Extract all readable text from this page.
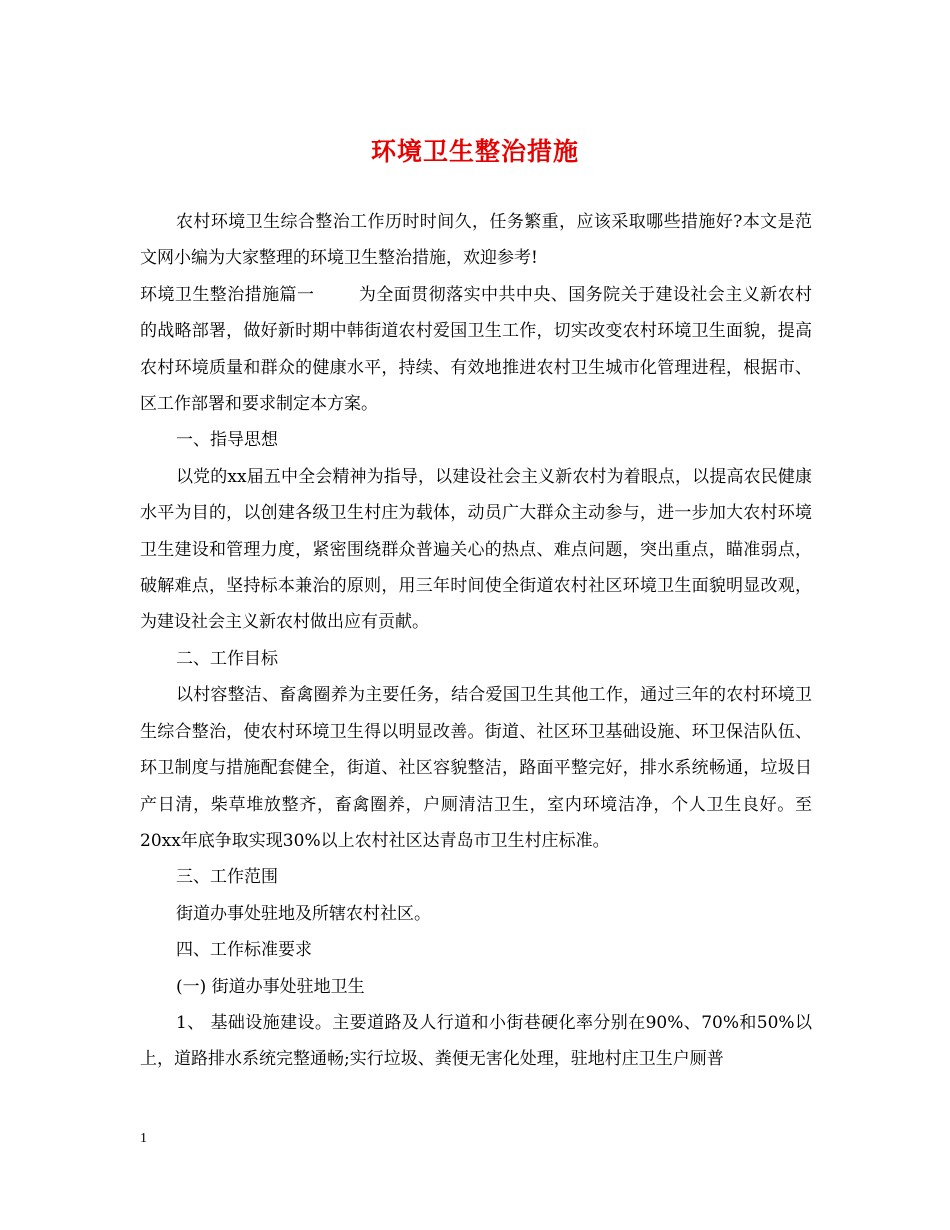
环境卫生整治措施

农村环境卫生综合整治工作历时时间久，任务繁重，应该采取哪些措施好?本文是范文网小编为大家整理的环境卫生整治措施，欢迎参考!

环境卫生整治措施篇一	为全面贯彻落实中共中央、国务院关于建设社会主义新农村的战略部署，做好新时期中韩街道农村爱国卫生工作，切实改变农村环境卫生面貌，提高农村环境质量和群众的健康水平，持续、有效地推进农村卫生城市化管理进程，根据市、区工作部署和要求制定本方案。

一、指导思想

以党的xx届五中全会精神为指导，以建设社会主义新农村为着眼点，以提高农民健康水平为目的，以创建各级卫生村庄为载体，动员广大群众主动参与，进一步加大农村环境卫生建设和管理力度，紧密围绕群众普遍关心的热点、难点问题，突出重点，瞄准弱点，破解难点，坚持标本兼治的原则，用三年时间使全街道农村社区环境卫生面貌明显改观，为建设社会主义新农村做出应有贡献。

二、工作目标

以村容整洁、畜禽圈养为主要任务，结合爱国卫生其他工作，通过三年的农村环境卫生综合整治，使农村环境卫生得以明显改善。街道、社区环卫基础设施、环卫保洁队伍、环卫制度与措施配套健全，街道、社区容貌整洁，路面平整完好，排水系统畅通，垃圾日产日清，柴草堆放整齐，畜禽圈养，户厕清洁卫生，室内环境洁净，个人卫生良好。至20xx年底争取实现30%以上农村社区达青岛市卫生村庄标准。

三、工作范围

街道办事处驻地及所辖农村社区。

四、工作标准要求

(一) 街道办事处驻地卫生

1、 基础设施建设。主要道路及人行道和小街巷硬化率分别在90%、70%和50%以上，道路排水系统完整通畅;实行垃圾、粪便无害化处理，驻地村庄卫生户厕普

1
